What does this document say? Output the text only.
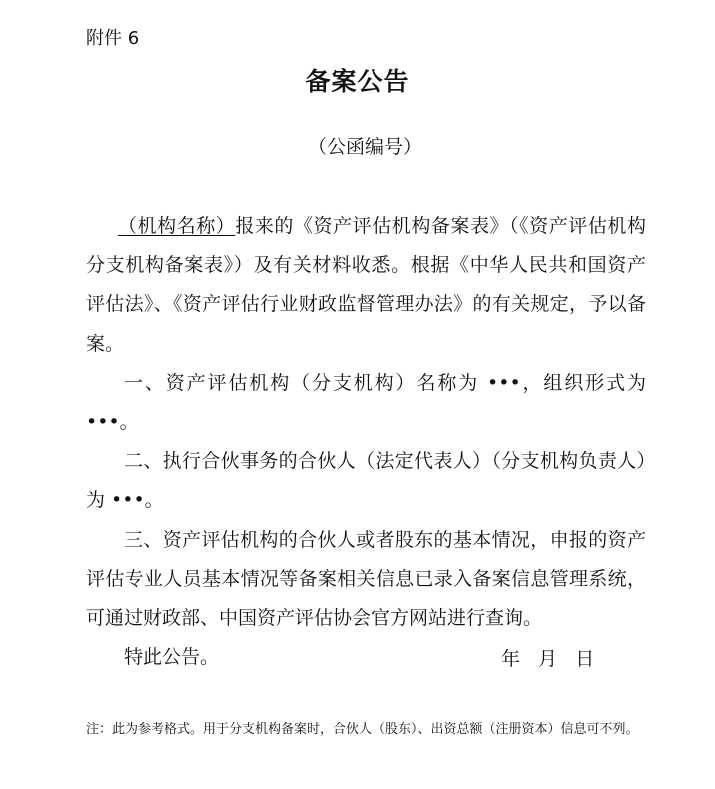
附件 6
备案公告
（公函编号）

（机构名称）报来的《资产评估机构备案表》（《资产评估机构分支机构备案表》）及有关材料收悉。根据《中华人民共和国资产评估法》、《资产评估行业财政监督管理办法》的有关规定，予以备案。

一、资产评估机构（分支机构）名称为 •••，组织形式为 •••。

二、执行合伙事务的合伙人（法定代表人）（分支机构负责人）为 •••。

三、资产评估机构的合伙人或者股东的基本情况，申报的资产评估专业人员基本情况等备案相关信息已录入备案信息管理系统，可通过财政部、中国资产评估协会官方网站进行查询。

特此公告。	年   月   日
注：此为参考格式。用于分支机构备案时，合伙人（股东）、出资总额（注册资本）信息可不列。
